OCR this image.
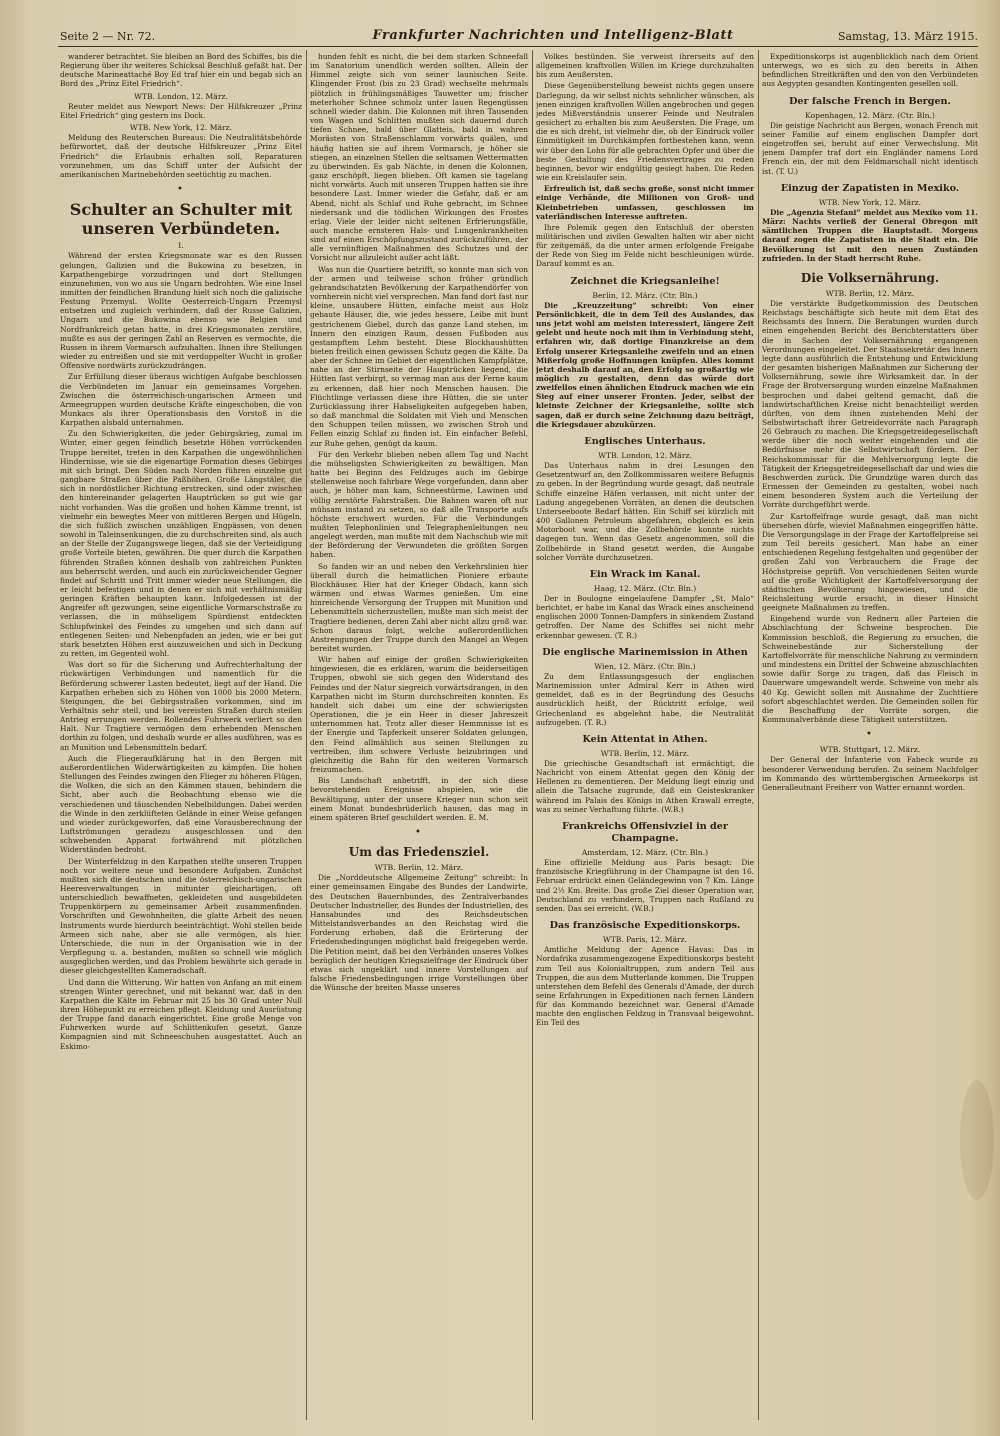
Seite 2 — Nr. 72.	Frankfurter Nachrichten und Intelligenz-Blatt	Samstag, 13. März 1915.

wanderer betrachtet. Sie bleiben an Bord des Schiffes, bis die Regierung über ihr weiteres Schicksal Beschluß gefaßt hat. Der deutsche Marineattaché Boy Ed traf hier ein und begab sich an Bord des „Prinz Eitel Friedrich“.

WTB. London, 12. März.

Reuter meldet aus Newport News: Der Hilfskreuzer „Prinz Eitel Friedrich“ ging gestern ins Dock.

WTB. New York, 12. März.

Meldung des Reuterschen Bureaus: Die Neutralitätsbehörde befürwortet, daß der deutsche Hilfskreuzer „Prinz Eitel Friedrich“ die Erlaubnis erhalten soll, Reparaturen vorzunehmen, um das Schiff unter der Aufsicht der amerikanischen Marinebehörden seetüchtig zu machen.

•
Schulter an Schulter mit unseren Verbündeten.
I.

Während der ersten Kriegsmonate war es den Russen gelungen, Galizien und die Bukowina zu besetzen, in Karpathengebirge vorzudringen und dort Stellungen einzunehmen, von wo aus sie Ungarn bedrohten. Wie eine Insel inmitten der feindlichen Brandung hielt sich noch die galizische Festung Przemysl. Wollte Oesterreich-Ungarn Przemysl entsetzen und zugleich verhindern, daß der Russe Galizien, Ungarn und die Bukowina ebenso wie Belgien und Nordfrankreich getan hatte, in drei Kriegsmonaten zerstöre, mußte es aus der geringen Zahl an Reserven es vermochte, die Russen in ihrem Vormarsch aufzuhalten. Ihnen ihre Stellungen wieder zu entreißen und sie mit verdoppelter Wucht in großer Offensive nordwärts zurückzudrängen.

Zur Erfüllung dieser überaus wichtigen Aufgabe beschlossen die Verbündeten im Januar ein gemeinsames Vorgehen. Zwischen die österreichisch-ungarischen Armeen und Armeegruppen wurden deutsche Kräfte eingeschoben, die von Munkacs als ihrer Operationsbasis den Vorstoß in die Karpathen alsbald unternahmen.

Zu den Schwierigkeiten, die jeder Gebirgskrieg, zumal im Winter, einer gegen feindlich besetzte Höhen vorrückenden Truppe bereitet, treten in den Karpathen die ungewöhnlichen Hindernisse, wie sie die eigenartige Formation dieses Gebirges mit sich bringt. Den Süden nach Norden führen einzelne gut gangbare Straßen über die Paßhöhen. Große Längstäler, die sich in nordöstlicher Richtung erstrecken, sind oder zwischen den hintereinander gelagerten Hauptrücken so gut wie gar nicht vorhanden. Was die großen und hohen Kämme trennt, ist vielmehr ein bewegtes Meer von mittleren Bergen und Hügeln, die sich fußlich zwischen unzähligen Engpässen, von denen sowohl in Taleinsenkungen, die zu durchschreiten sind, als auch an der Stelle der Zugangswege liegen, daß sie der Verteidigung große Vorteile bieten, gewähren. Die quer durch die Karpathen führenden Straßen können deshalb von zahlreichen Punkten aus beherrscht werden, und auch ein zurückweichender Gegner findet auf Schritt und Tritt immer wieder neue Stellungen, die er leicht befestigen und in denen er sich mit verhältnismäßig geringen Kräften behaupten kann. Infolgedessen ist der Angreifer oft gezwungen, seine eigentliche Vormarschstraße zu verlassen, die in mühseligem Spürdienst entdeckten Schlupfwinkel des Feindes zu umgehen und sich dann auf entlegenen Seiten- und Nebenpfaden an jeden, wie er bei gut stark besetzten Höhen erst auszuweichen und sich in Deckung zu retten, im Gegenteil wohl.

Was dort so für die Sicherung und Aufrechterhaltung der rückwärtigen Verbindungen und namentlich für die Beförderung schwerer Lasten bedeutet, liegt auf der Hand. Die Karpathen erheben sich zu Höhen von 1000 bis 2000 Metern. Steigungen, die bei Gebirgsstraßen vorkommen, sind im Verhältnis sehr steil, und bei vereisten Straßen durch steilen Antrieg errungen werden. Rollendes Fuhrwerk verliert so den Halt. Nur Tragtiere vermögen dem erhebenden Menschen dorthin zu folgen, und deshalb wurde er alles ausführen, was es an Munition und Lebensmitteln bedarf.

Auch die Fliegeraufklärung hat in den Bergen mit außerordentlichen Widerwärtigkeiten zu kämpfen. Die hohen Stellungen des Feindes zwingen den Flieger zu höheren Flügen, die Wolken, die sich an den Kämmen stauen, behindern die Sicht, aber auch die Beobachtung ebenso wie die verschiedenen und täuschenden Nebelbildungen. Dabei werden die Winde in den zerklüfteten Gelände in einer Weise gefangen und wieder zurückgeworfen, daß eine Vorausberechnung der Luftströmungen geradezu ausgeschlossen und den schwebenden Apparat fortwährend mit plötzlichen Widerständen bedroht.

Der Winterfeldzug in den Karpathen stellte unseren Truppen noch vor weitere neue und besondere Aufgaben. Zunächst mußten sich die deutschen und die österreichisch-ungarischen Heeresverwaltungen in mitunter gleichartigen, oft unterschiedlich bewaffneten, gekleideten und ausgebildeten Truppenkörpern zu gemeinsamer Arbeit zusammenfinden. Vorschriften und Gewohnheiten, die glatte Arbeit des neuen Instruments wurde hierdurch beeinträchtigt. Wohl stellen beide Armeen sich nahe, aber sie alle vermögen, als hier. Unterschiede, die nun in der Organisation wie in der Verpflegung u. a. bestanden, mußten so schnell wie möglich ausgeglichen werden, und das Problem bewährte sich gerade in dieser gleichgestellten Kameradschaft.

Und dann die Witterung. Wir hatten von Anfang an mit einem strengen Winter gerechnet, und mit bekannt war, daß in den Karpathen die Kälte im Februar mit 25 bis 30 Grad unter Null ihren Höhepunkt zu erreichen pflegt. Kleidung und Ausrüstung der Truppe fand danach eingerichtet. Eine große Menge von Fuhrwerken wurde auf Schlittenkufen gesetzt. Ganze Kompagnien sind mit Schneeschuhen ausgestattet. Auch an Eskimo-

hunden fehlt es nicht, die bei dem starken Schneefall im Sanatorium unendlich werden sollten. Allein der Himmel zeigte sich von seiner launischen Seite. Klingender Frost (bis zu 23 Grad) wechselte mehrmals plötzlich in frühlingsmäßiges Tauwetter um; frischer meterhoher Schnee schmolz unter lauen Regengüssen schnell wieder dahin. Die Kolonnen mit ihren Tausenden von Wagen und Schlitten mußten sich dauernd durch tiefen Schnee, bald über Glatteis, bald in wahren Morästen von Straßenschlamm vorwärts quälen, und häufig hatten sie auf ihrem Vormarsch, je höher sie stiegen, an einzelnen Stellen die seltsamen Wettermatten zu überwinden. Es gab Nächte, in denen die Kolonnen, ganz erschöpft, liegen blieben. Oft kamen sie tagelang nicht vorwärts. Auch mit unseren Truppen hatten sie ihre besondere Last. Immer wieder die Gefahr, daß er am Abend, nicht als Schlaf und Ruhe gebracht, im Schnee niedersank und die tödlichen Wirkungen des Frostes erlag. Viele der leider nicht seltenen Erfrierungsfälle, auch manche ernsteren Hals- und Lungenkrankheiten sind auf einen Erschöpfungszustand zurückzuführen, der alle vernünftigen Maßnahmen des Schutzes und der Vorsicht nur allzuleicht außer acht läßt.

Was nun die Quartiere betrifft, so konnte man sich von der armen und teilweise schon früher gründlich gebrandschatzten Bevölkerung der Karpathendörfer von vornherein nicht viel versprechen. Man fand dort fast nur kleine, unsaubere Hütten, einfache meist aus Holz gebaute Häuser, die, wie jedes bessere, Leibe mit bunt gestrichenem Giebel, durch das ganze Land stehen, im Innern den einzigen Raum, dessen Fußboden aus gestampftem Lehm besteht. Diese Blockhaushütten bieten freilich einen gewissen Schutz gegen die Kälte. Da aber der Schnee im Gebiet der eigentlichen Kampfplätze, nahe an der Stirnseite der Hauptrücken liegend, die Hütten fast verbirgt, so vermag man aus der Ferne kaum zu erkennen, daß hier noch Menschen hausen. Die Flüchtlinge verlassen diese ihre Hütten, die sie unter Zurücklassung ihrer Habseligkeiten aufgegeben haben, so daß manchmal die Soldaten mit Vieh und Menschen den Schuppen teilen müssen, wo zwischen Stroh und Fellen einzig Schlaf zu finden ist. Ein einfacher Befehl, zur Ruhe gehen, genügt da kaum.

Für den Verkehr blieben neben allem Tag und Nacht die mühseligsten Schwierigkeiten zu bewältigen. Man hatte bei Beginn des Feldzuges auch im Gebirge stellenweise noch fahrbare Wege vorgefunden, dann aber auch, je höher man kam, Schneestürme, Lawinen und völlig zerstörte Fahrstraßen. Die Bahnen waren oft nur mühsam instand zu setzen, so daß alle Transporte aufs höchste erschwert wurden. Für die Verbindungen mußten Telephonlinien und Telegraphenleitungen neu angelegt werden, man mußte mit dem Nachschub wie mit der Beförderung der Verwundeten die größten Sorgen haben.

So fanden wir an und neben den Verkehrslinien hier überall durch die heimatlichen Pioniere erbaute Blockhäuser. Hier hat der Krieger Obdach, kann sich wärmen und etwas Warmes genießen. Um eine hinreichende Versorgung der Truppen mit Munition und Lebensmitteln sicherzustellen, mußte man sich meist der Tragtiere bedienen, deren Zahl aber nicht allzu groß war. Schon daraus folgt, welche außerordentlichen Anstrengungen der Truppe durch den Mangel an Wegen bereitet wurden.

Wir haben auf einige der großen Schwierigkeiten hingewiesen, die es erklären, warum die beiderseitigen Truppen, obwohl sie sich gegen den Widerstand des Feindes und der Natur siegreich vorwärtsdrangen, in den Karpathen nicht im Sturm durchschreiten konnten. Es handelt sich dabei um eine der schwierigsten Operationen, die je ein Heer in dieser Jahreszeit unternommen hat. Trotz aller dieser Hemmnisse ist es der Energie und Tapferkeit unserer Soldaten gelungen, den Feind allmählich aus seinen Stellungen zu vertreiben, ihm schwere Verluste beizubringen und gleichzeitig die Bahn für den weiteren Vormarsch freizumachen.

Bis Landschaft anbetrifft, in der sich diese bevorstehenden Ereignisse abspielen, wie die Bewältigung, unter der unsere Krieger nun schon seit einem Monat bundesbrüderlich hausen, das mag in einem späteren Brief geschildert werden. E. M.

•
Um das Friedensziel.
WTB. Berlin, 12. März.

Die „Norddeutsche Allgemeine Zeitung“ schreibt: In einer gemeinsamen Eingabe des Bundes der Landwirte, des Deutschen Bauernbundes, des Zentralverbandes Deutscher Industrieller, des Bundes der Industriellen, des Hansabundes und des Reichsdeutschen Mittelstandsverbandes an den Reichstag wird die Forderung erhoben, daß die Erörterung der Friedensbedingungen möglichst bald freigegeben werde. Die Petition meint, daß bei den Verbänden unseres Volkes bezüglich der heutigen Kriegszielfrage der Eindruck über etwas sich ungeklärt und innere Vorstellungen auf falsche Friedensbedingungen irrige Vorstellungen über die Wünsche der breiten Masse unseres

Volkes bestünden. Sie verweist ihrerseits auf den allgemeinen kraftvollen Willen im Kriege durchzuhalten bis zum Aeußersten.

Diese Gegenüberstellung beweist nichts gegen unsere Darlegung, da wir selbst nichts sehnlicher wünschen, als jenen einzigen kraftvollen Willen angebrochen und gegen jedes Mißverständnis unserer Feinde und Neutralen gesichert zu erhalten bis zum Aeußersten. Die Frage, um die es sich dreht, ist vielmehr die, ob der Eindruck voller Einmütigkeit im Durchkämpfen fortbestehen kann, wenn wir über den Lohn für alle gebrachten Opfer und über die beste Gestaltung des Friedensvertrages zu reden beginnen, bevor wir endgültig gesiegt haben. Die Reden wie ein Kreislaufer sein.

Erfreulich ist, daß sechs große, sonst nicht immer einige Verbände, die Millionen von Groß- und Kleinbetrieben umfassen, geschlossen im vaterländischen Interesse auftreten.

Ihre Polemik gegen den Entschluß der obersten militärischen und zivilen Gewalten halten wir aber nicht für zeitgemäß, da die unter armen erfolgende Freigabe der Rede von Sieg im Felde nicht beschleunigen würde. Darauf kommt es an.

Zeichnet die Kriegsanleihe!
Berlin, 12. März. (Ctr. Bln.)

Die „Kreuzzeitung“ schreibt: Von einer Persönlichkeit, die in dem Teil des Auslandes, das uns jetzt wohl am meisten interessiert, längere Zeit gelebt und heute noch mit ihm in Verbindung steht, erfahren wir, daß dortige Finanzkreise an dem Erfolg unserer Kriegsanleihe zweifeln und an einen Mißerfolg große Hoffnungen knüpfen. Alles kommt jetzt deshalb darauf an, den Erfolg so großartig wie möglich zu gestalten, denn das würde dort zweifellos einen ähnlichen Eindruck machen wie ein Sieg auf einer unserer Fronten. Jeder, selbst der kleinste Zeichner der Kriegsanleihe, sollte sich sagen, daß er durch seine Zeichnung dazu beiträgt, die Kriegsdauer abzukürzen.

Englisches Unterhaus.
WTB. London, 12. März.

Das Unterhaus nahm in drei Lesungen den Gesetzentwurf an, den Zollkommissaren weitere Befugnis zu geben. In der Begründung wurde gesagt, daß neutrale Schiffe einzelne Häfen verlassen, mit nicht unter der Ladung angegebenen Vorräten, an denen die deutschen Unterseeboote Bedarf hätten. Ein Schiff sei kürzlich mit 400 Gallonen Petroleum abgefahren, obgleich es kein Motorboot war, und die Zollbehörde konnte nichts dagegen tun. Wenn das Gesetz angenommen, soll die Zollbehörde in Stand gesetzt werden, die Ausgabe solcher Vorräte durchzusetzen.

Ein Wrack im Kanal.
Haag, 12. März. (Ctr. Bln.)

Der in Boulogne eingelaufene Dampfer „St. Malo“ berichtet, er habe im Kanal das Wrack eines anscheinend englischen 2000 Tonnen-Dampfers in sinkendem Zustand getroffen. Der Name des Schiffes sei nicht mehr erkennbar gewesen. (T. R.)

Die englische Marinemission in Athen
Wien, 12. März. (Ctr. Bln.)

Zu dem Entlassungsgesuch der englischen Marinemission unter Admiral Kerr in Athen wird gemeldet, daß es in der Begründung des Gesuchs ausdrücklich heißt, der Rücktritt erfolge, weil Griechenland es abgelehnt habe, die Neutralität aufzugeben. (T. R.)

Kein Attentat in Athen.
WTB. Berlin, 12. März.

Die griechische Gesandtschaft ist ermächtigt, die Nachricht von einem Attentat gegen den König der Hellenen zu dementieren. Der Meldung liegt einzig und allein die Tatsache zugrunde, daß ein Geisteskranker während im Palais des Königs in Athen Krawall erregte, was zu seiner Verhaftung führte. (W.B.)

Frankreichs Offensivziel in der Champagne.
Amsterdam, 12. März. (Ctr. Bln.)

Eine offizielle Meldung aus Paris besagt: Die französische Kriegführung in der Champagne ist den 16. Februar erdrückt einen Geländegewinn von 7 Km. Länge und 2½ Km. Breite. Das große Ziel dieser Operation war, Deutschland zu verhindern, Truppen nach Rußland zu senden. Das sei erreicht. (W.B.)

Das französische Expeditionskorps.
WTB. Paris, 12. März.

Amtliche Meldung der Agence Havas: Das in Nordafrika zusammengezogene Expeditionskorps besteht zum Teil aus Kolonialtruppen, zum andern Teil aus Truppen, die aus dem Mutterlande kommen. Die Truppen unterstehen dem Befehl des Generals d'Amade, der durch seine Erfahrungen in Expeditionen nach fernen Ländern für das Kommando bezeichnet war. General d'Amade machte den englischen Feldzug in Transvaal beigewohnt. Ein Teil des

Expeditionskorps ist augenblicklich nach dem Orient unterwegs, wo es sich zu den bereits in Athen befindlichen Streitkräften und den von den Verbündeten aus Aegypten gesandten Kontingenten gesellen soll.

Der falsche French in Bergen.
Kopenhagen, 12. März. (Ctr. Bln.)

Die geistige Nachricht aus Bergen, wonach French mit seiner Familie auf einem englischen Dampfer dort eingetroffen sei, beruht auf einer Verwechslung. Mit jenem Dampfer traf dort ein Engländer namens Lord French ein, der mit dem Feldmarschall nicht identisch ist. (T. U.)

Einzug der Zapatisten in Mexiko.
WTB. New York, 12. März.

Die „Agenzia Stefani“ meldet aus Mexiko vom 11. März: Nachts verließ der General Obregon mit sämtlichen Truppen die Hauptstadt. Morgens darauf zogen die Zapatisten in die Stadt ein. Die Bevölkerung ist mit den neuen Zuständen zufrieden. In der Stadt herrscht Ruhe.

Die Volksernährung.
WTB. Berlin, 12. März.

Die verstärkte Budgetkommission des Deutschen Reichstags beschäftigte sich heute mit dem Etat des Reichsamts des Innern. Die Beratungen wurden durch einen eingehenden Bericht des Berichterstatters über die in Sachen der Volksernährung ergangenen Verordnungen eingeleitet. Der Staatssekretär des Innern legte dann ausführlich die Entstehung und Entwicklung der gesamten bisherigen Maßnahmen zur Sicherung der Volksernährung, sowie ihre Wirksamkeit dar. In der Frage der Brotversorgung wurden einzelne Maßnahmen besprochen und dabei geltend gemacht, daß die landwirtschaftlichen Kreise nicht benachteiligt werden dürften, von dem ihnen zustehenden Mehl der Selbstwirtschaft ihrer Getreidevorräte nach Paragraph 26 Gebrauch zu machen. Die Kriegsgetreidegesellschaft werde über die noch weiter eingehenden und die Bedürfnisse mehr die Selbstwirtschaft fördern. Der Reichskommissar für die Mehlversorgung legte die Tätigkeit der Kriegsgetreidegesellschaft dar und wies die Beschwerden zurück. Die Grundzüge waren durch das Ermessen der Gemeinden zu gestalten, wobei nach einem besonderen System auch die Verteilung der Vorräte durchgeführt werde.

Zur Kartoffelfrage wurde gesagt, daß man nicht übersehen dürfe, wieviel Maßnahmen eingegriffen hätte. Die Versorgungslage in der Frage der Kartoffelpreise sei zum Teil bereits gesichert. Man habe an einer entschiedenen Regelung festgehalten und gegenüber der großen Zahl von Verbrauchern die Frage der Höchstpreise geprüft. Von verschiedenen Seiten wurde auf die große Wichtigkeit der Kartoffelversorgung der städtischen Bevölkerung hingewiesen, und die Reichsleitung wurde ersucht, in dieser Hinsicht geeignete Maßnahmen zu treffen.

Eingehend wurde von Rednern aller Parteien die Abschlachtung der Schweine besprochen. Die Kommission beschloß, die Regierung zu ersuchen, die Schweinebestände zur Sicherstellung der Kartoffelvorräte für menschliche Nahrung zu vermindern und mindestens ein Drittel der Schweine abzuschlachten sowie dafür Sorge zu tragen, daß das Fleisch in Dauerware umgewandelt werde. Schweine von mehr als 40 Kg. Gewicht sollen mit Ausnahme der Zuchttiere sofort abgeschlachtet werden. Die Gemeinden sollen für die Beschaffung der Vorräte sorgen, die Kommunalverbände diese Tätigkeit unterstützen.

•
WTB. Stuttgart, 12. März.

Der General der Infanterie von Fabeck wurde zu besonderer Verwendung berufen. Zu seinem Nachfolger im Kommando des württembergischen Armeekorps ist Generalleutnant Freiherr von Watter ernannt worden.
